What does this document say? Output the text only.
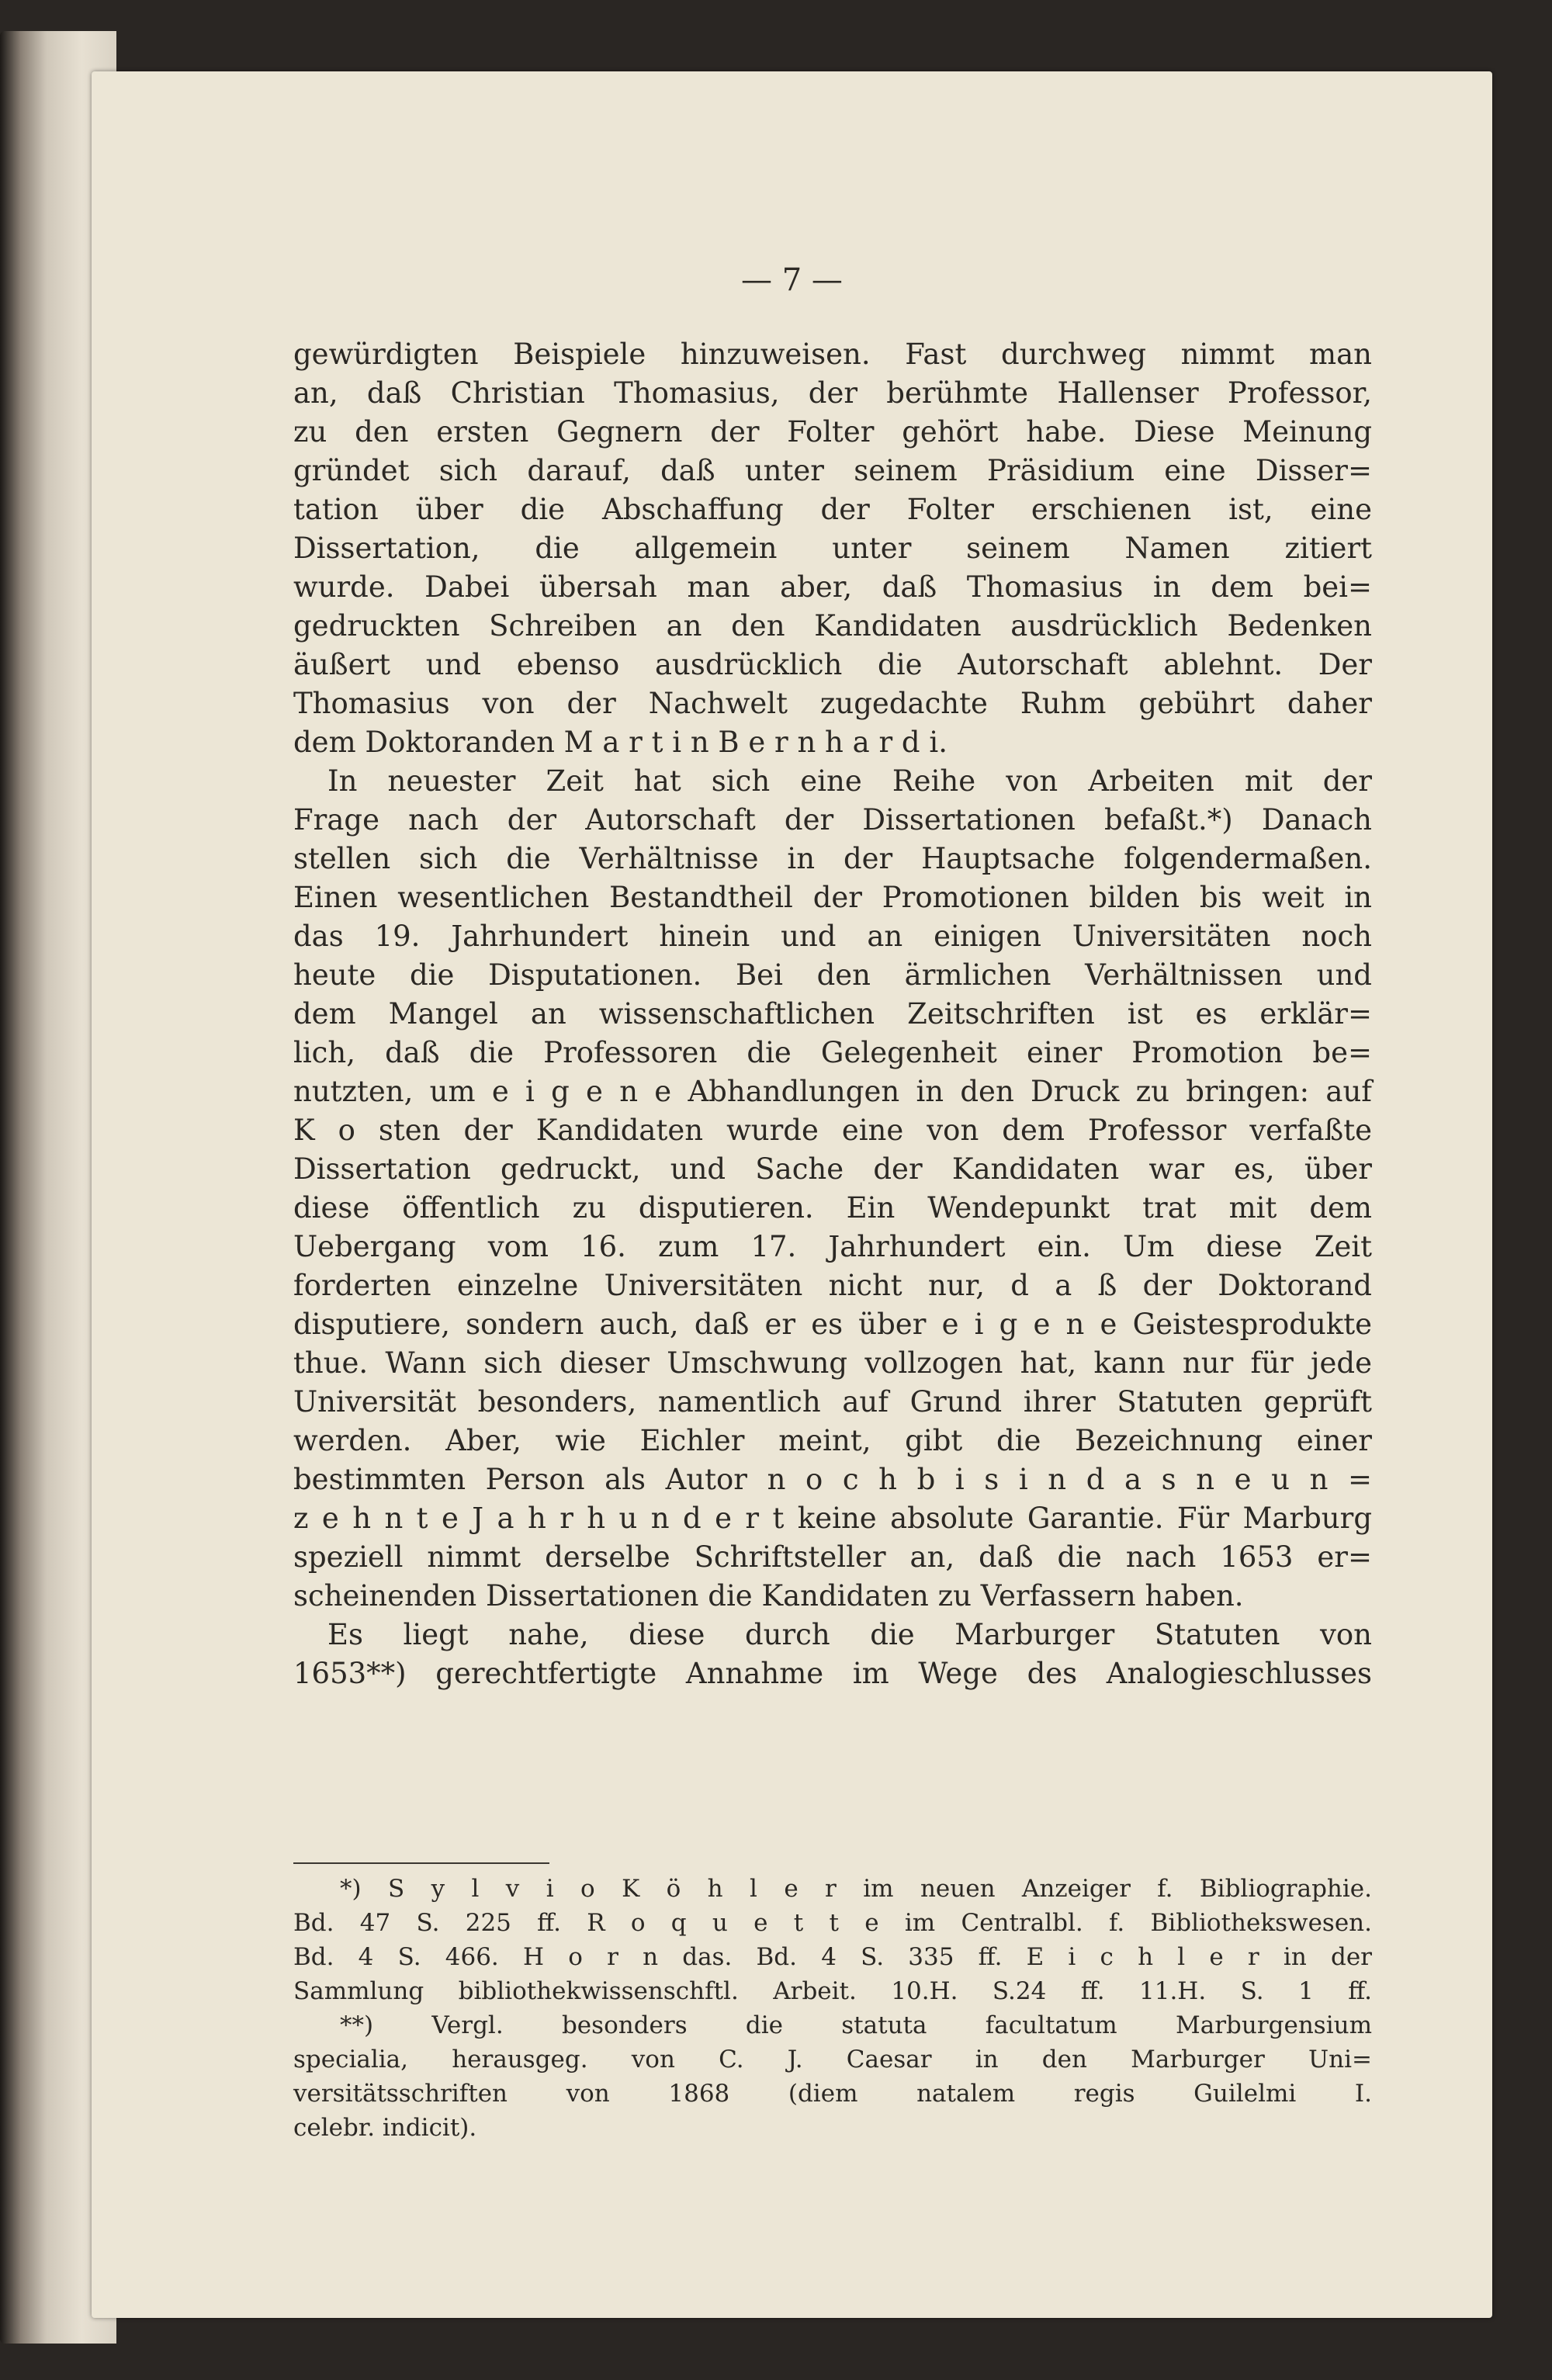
— 7 —
gewürdigten Beispiele hinzuweisen. Fast durchweg nimmt man
an, daß Christian Thomasius, der berühmte Hallenser Professor,
zu den ersten Gegnern der Folter gehört habe. Diese Meinung
gründet sich darauf, daß unter seinem Präsidium eine Disser=
tation über die Abschaffung der Folter erschienen ist, eine
Dissertation, die allgemein unter seinem Namen zitiert
wurde. Dabei übersah man aber, daß Thomasius in dem bei=
gedruckten Schreiben an den Kandidaten ausdrücklich Bedenken
äußert und ebenso ausdrücklich die Autorschaft ablehnt. Der
Thomasius von der Nachwelt zugedachte Ruhm gebührt daher
dem Doktoranden M a r t i n B e r n h a r d i.
In neuester Zeit hat sich eine Reihe von Arbeiten mit der
Frage nach der Autorschaft der Dissertationen befaßt.*) Danach
stellen sich die Verhältnisse in der Hauptsache folgendermaßen.
Einen wesentlichen Bestandtheil der Promotionen bilden bis weit in
das 19. Jahrhundert hinein und an einigen Universitäten noch
heute die Disputationen. Bei den ärmlichen Verhältnissen und
dem Mangel an wissenschaftlichen Zeitschriften ist es erklär=
lich, daß die Professoren die Gelegenheit einer Promotion be=
nutzten, um e i g e n e Abhandlungen in den Druck zu bringen: auf
K o sten der Kandidaten wurde eine von dem Professor verfaßte
Dissertation gedruckt, und Sache der Kandidaten war es, über
diese öffentlich zu disputieren. Ein Wendepunkt trat mit dem
Uebergang vom 16. zum 17. Jahrhundert ein. Um diese Zeit
forderten einzelne Universitäten nicht nur, d a ß der Doktorand
disputiere, sondern auch, daß er es über e i g e n e Geistesprodukte
thue. Wann sich dieser Umschwung vollzogen hat, kann nur für jede
Universität besonders, namentlich auf Grund ihrer Statuten geprüft
werden. Aber, wie Eichler meint, gibt die Bezeichnung einer
bestimmten Person als Autor n o c h b i s i n d a s n e u n =
z e h n t e J a h r h u n d e r t keine absolute Garantie. Für Marburg
speziell nimmt derselbe Schriftsteller an, daß die nach 1653 er=
scheinenden Dissertationen die Kandidaten zu Verfassern haben.
Es liegt nahe, diese durch die Marburger Statuten von
1653**) gerechtfertigte Annahme im Wege des Analogieschlusses
*) S y l v i o K ö h l e r im neuen Anzeiger f. Bibliographie.
Bd. 47 S. 225 ff. R o q u e t t e im Centralbl. f. Bibliothekswesen.
Bd. 4 S. 466. H o r n das. Bd. 4 S. 335 ff. E i c h l e r in der
Sammlung bibliothekwissenschftl. Arbeit. 10.H. S.24 ff. 11.H. S. 1 ff.
**) Vergl. besonders die statuta facultatum Marburgensium
specialia, herausgeg. von C. J. Caesar in den Marburger Uni=
versitätsschriften von 1868 (diem natalem regis Guilelmi I.
celebr. indicit).
